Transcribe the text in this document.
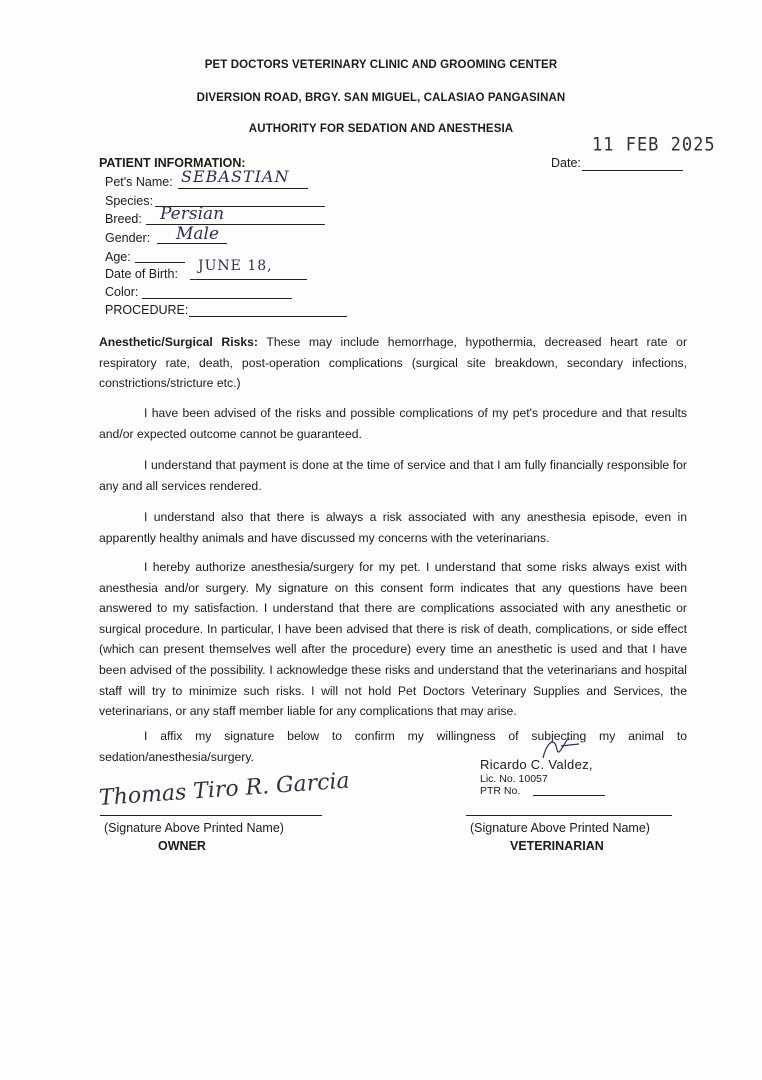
PET DOCTORS VETERINARY CLINIC AND GROOMING CENTER
DIVERSION ROAD, BRGY. SAN MIGUEL, CALASIAO PANGASINAN
AUTHORITY FOR SEDATION AND ANESTHESIA
11 FEB 2025
Date:
PATIENT INFORMATION:
Pet's Name: SEBASTIAN
Species:
Breed: Persian
Gender: Male
Age:
Date of Birth: JUNE 18,
Color:
PROCEDURE:
Anesthetic/Surgical Risks: These may include hemorrhage, hypothermia, decreased heart rate or respiratory rate, death, post-operation complications (surgical site breakdown, secondary infections, constrictions/stricture etc.)
I have been advised of the risks and possible complications of my pet's procedure and that results and/or expected outcome cannot be guaranteed.
I understand that payment is done at the time of service and that I am fully financially responsible for any and all services rendered.
I understand also that there is always a risk associated with any anesthesia episode, even in apparently healthy animals and have discussed my concerns with the veterinarians.
I hereby authorize anesthesia/surgery for my pet. I understand that some risks always exist with anesthesia and/or surgery. My signature on this consent form indicates that any questions have been answered to my satisfaction. I understand that there are complications associated with any anesthetic or surgical procedure. In particular, I have been advised that there is risk of death, complications, or side effect (which can present themselves well after the procedure) every time an anesthetic is used and that I have been advised of the possibility. I acknowledge these risks and understand that the veterinarians and hospital staff will try to minimize such risks. I will not hold Pet Doctors Veterinary Supplies and Services, the veterinarians, or any staff member liable for any complications that may arise.
I affix my signature below to confirm my willingness of subjecting my animal to sedation/anesthesia/surgery.
Ricardo C. Valdez,
Lic. No. 10057
PTR No.
Thomas Tiro R. Garcia
(Signature Above Printed Name)
OWNER
(Signature Above Printed Name)
VETERINARIAN
